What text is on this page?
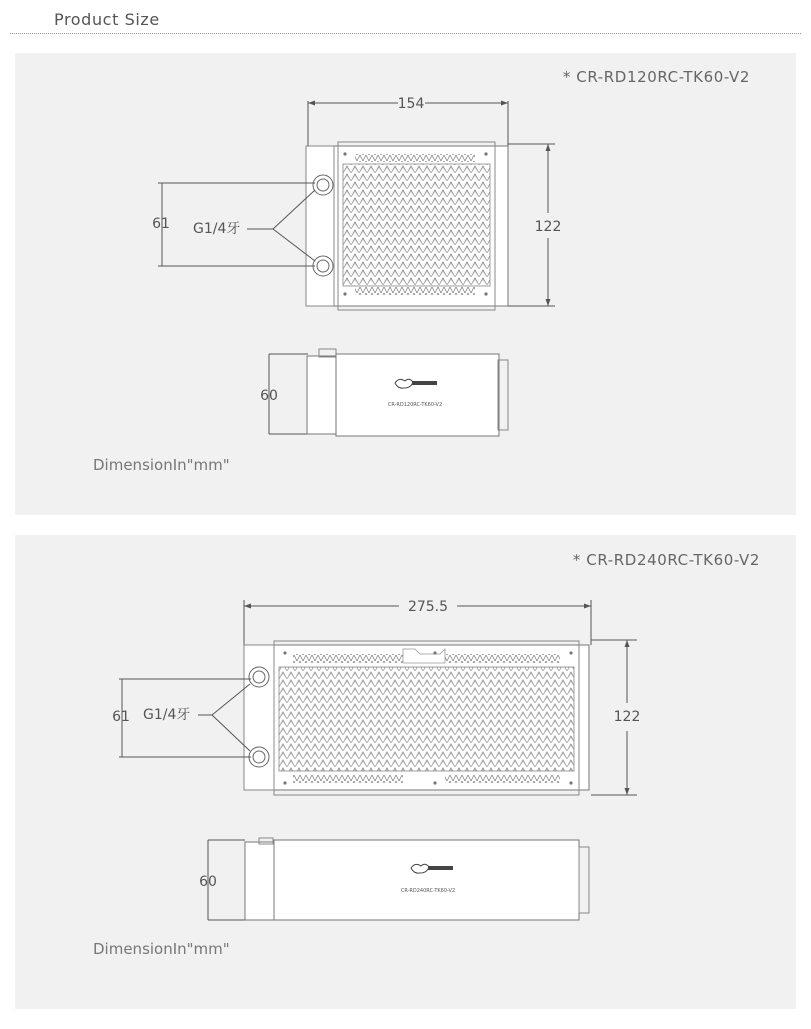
Product Size
154
122
61 G1/4牙
60
CR-RD120RC-TK60-V2
* CR-RD120RC-TK60-V2
DimensionIn"mm"
275.5
122
61 G1/4牙
60
CR-RD240RC-TK60-V2
* CR-RD240RC-TK60-V2
DimensionIn"mm"
